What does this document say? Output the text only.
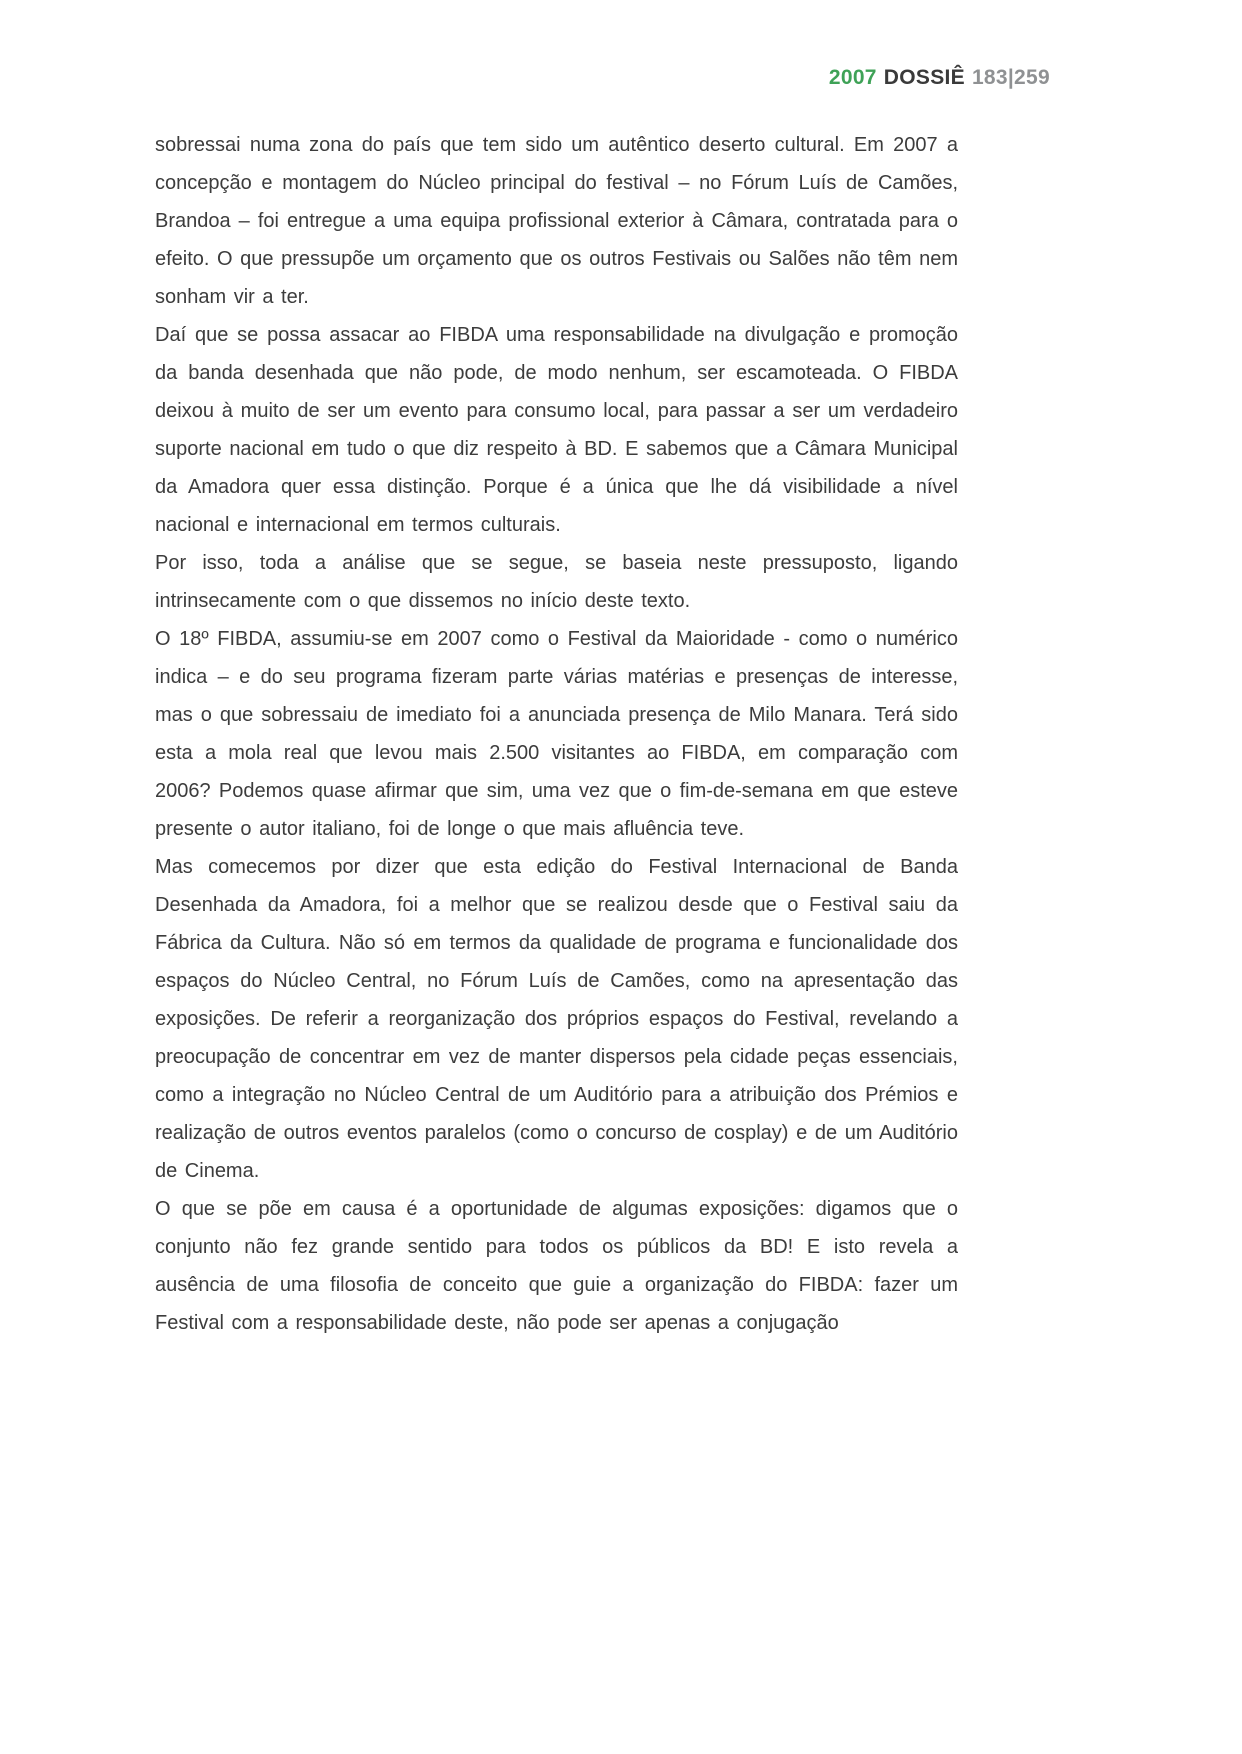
2007 DOSSIÊ 183|259

sobressai numa zona do país que tem sido um autêntico deserto cultural. Em 2007 a concepção e montagem do Núcleo principal do festival – no Fórum Luís de Camões, Brandoa – foi entregue a uma equipa profissional exterior à Câmara, contratada para o efeito. O que pressupõe um orçamento que os outros Festivais ou Salões não têm nem sonham vir a ter.

Daí que se possa assacar ao FIBDA uma responsabilidade na divulgação e promoção da banda desenhada que não pode, de modo nenhum, ser escamoteada. O FIBDA deixou à muito de ser um evento para consumo local, para passar a ser um verdadeiro suporte nacional em tudo o que diz respeito à BD. E sabemos que a Câmara Municipal da Amadora quer essa distinção. Porque é a única que lhe dá visibilidade a nível nacional e internacional em termos culturais.

Por isso, toda a análise que se segue, se baseia neste pressuposto, ligando intrinsecamente com o que dissemos no início deste texto.

O 18º FIBDA, assumiu-se em 2007 como o Festival da Maioridade - como o numérico indica – e do seu programa fizeram parte várias matérias e presenças de interesse, mas o que sobressaiu de imediato foi a anunciada presença de Milo Manara. Terá sido esta a mola real que levou mais 2.500 visitantes ao FIBDA, em comparação com 2006? Podemos quase afirmar que sim, uma vez que o fim-de-semana em que esteve presente o autor italiano, foi de longe o que mais afluência teve.

Mas comecemos por dizer que esta edição do Festival Internacional de Banda Desenhada da Amadora, foi a melhor que se realizou desde que o Festival saiu da Fábrica da Cultura. Não só em termos da qualidade de programa e funcionalidade dos espaços do Núcleo Central, no Fórum Luís de Camões, como na apresentação das exposições. De referir a reorganização dos próprios espaços do Festival, revelando a preocupação de concentrar em vez de manter dispersos pela cidade peças essenciais, como a integração no Núcleo Central de um Auditório para a atribuição dos Prémios e realização de outros eventos paralelos (como o concurso de cosplay) e de um Auditório de Cinema.

O que se põe em causa é a oportunidade de algumas exposições: digamos que o conjunto não fez grande sentido para todos os públicos da BD! E isto revela a ausência de uma filosofia de conceito que guie a organização do FIBDA: fazer um Festival com a responsabilidade deste, não pode ser apenas a conjugação
